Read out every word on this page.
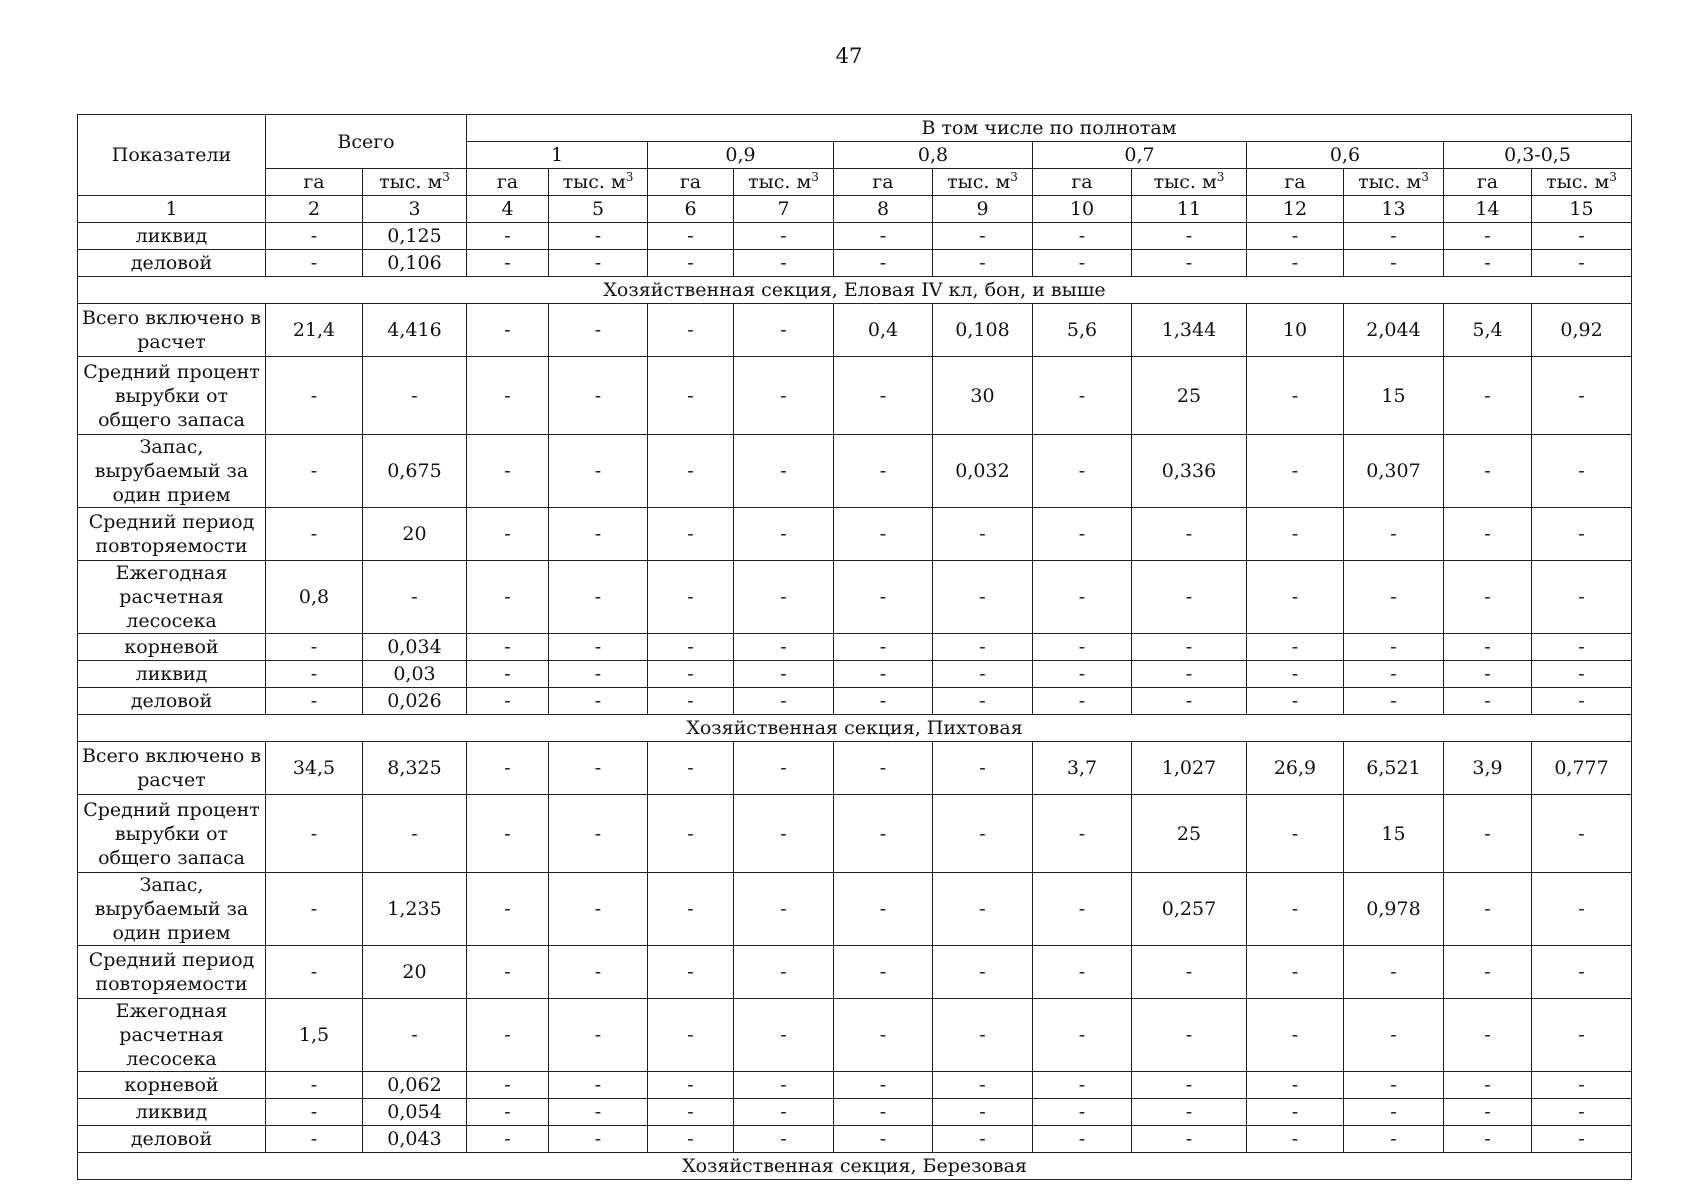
47
Показатели	Всего		В том числе по полнотам											
			1		0,9		0,8		0,7		0,6		0,3-0,5	
	га	тыс. $м^3$	га	тыс. $м^3$	га	тыс. $м^3$	га	тыс. $м^3$	га	тыс. $м^3$	га	тыс. $м^3$	га	тыс. $м^3$
1	2	3	4	5	6	7	8	9	10	11	12	13	14	15
ликвид	-	0,125	-	-	-	-	-	-	-	-	-	-	-	-
деловой	-	0,106	-	-	-	-	-	-	-	-	-	-	-	-
Хозяйственная секция, Еловая IV кл, бон, и выше														
Всего включено в расчет	21,4	4,416	-	-	-	-	0,4	0,108	5,6	1,344	10	2,044	5,4	0,92
Средний процент вырубки от общего запаса	-	-	-	-	-	-	-	30	-	25	-	15	-	-
Запас, вырубаемый за один прием	-	0,675	-	-	-	-	-	0,032	-	0,336	-	0,307	-	-
Средний период повторяемости	-	20	-	-	-	-	-	-	-	-	-	-	-	-
Ежегодная расчетная лесосека	0,8	-	-	-	-	-	-	-	-	-	-	-	-	-
корневой	-	0,034	-	-	-	-	-	-	-	-	-	-	-	-
ликвид	-	0,03	-	-	-	-	-	-	-	-	-	-	-	-
деловой	-	0,026	-	-	-	-	-	-	-	-	-	-	-	-
Хозяйственная секция, Пихтовая														
Всего включено в расчет	34,5	8,325	-	-	-	-	-	-	3,7	1,027	26,9	6,521	3,9	0,777
Средний процент вырубки от общего запаса	-	-	-	-	-	-	-	-	-	25	-	15	-	-
Запас, вырубаемый за один прием	-	1,235	-	-	-	-	-	-	-	0,257	-	0,978	-	-
Средний период повторяемости	-	20	-	-	-	-	-	-	-	-	-	-	-	-
Ежегодная расчетная лесосека	1,5	-	-	-	-	-	-	-	-	-	-	-	-	-
корневой	-	0,062	-	-	-	-	-	-	-	-	-	-	-	-
ликвид	-	0,054	-	-	-	-	-	-	-	-	-	-	-	-
деловой	-	0,043	-	-	-	-	-	-	-	-	-	-	-	-
Хозяйственная секция, Березовая														
